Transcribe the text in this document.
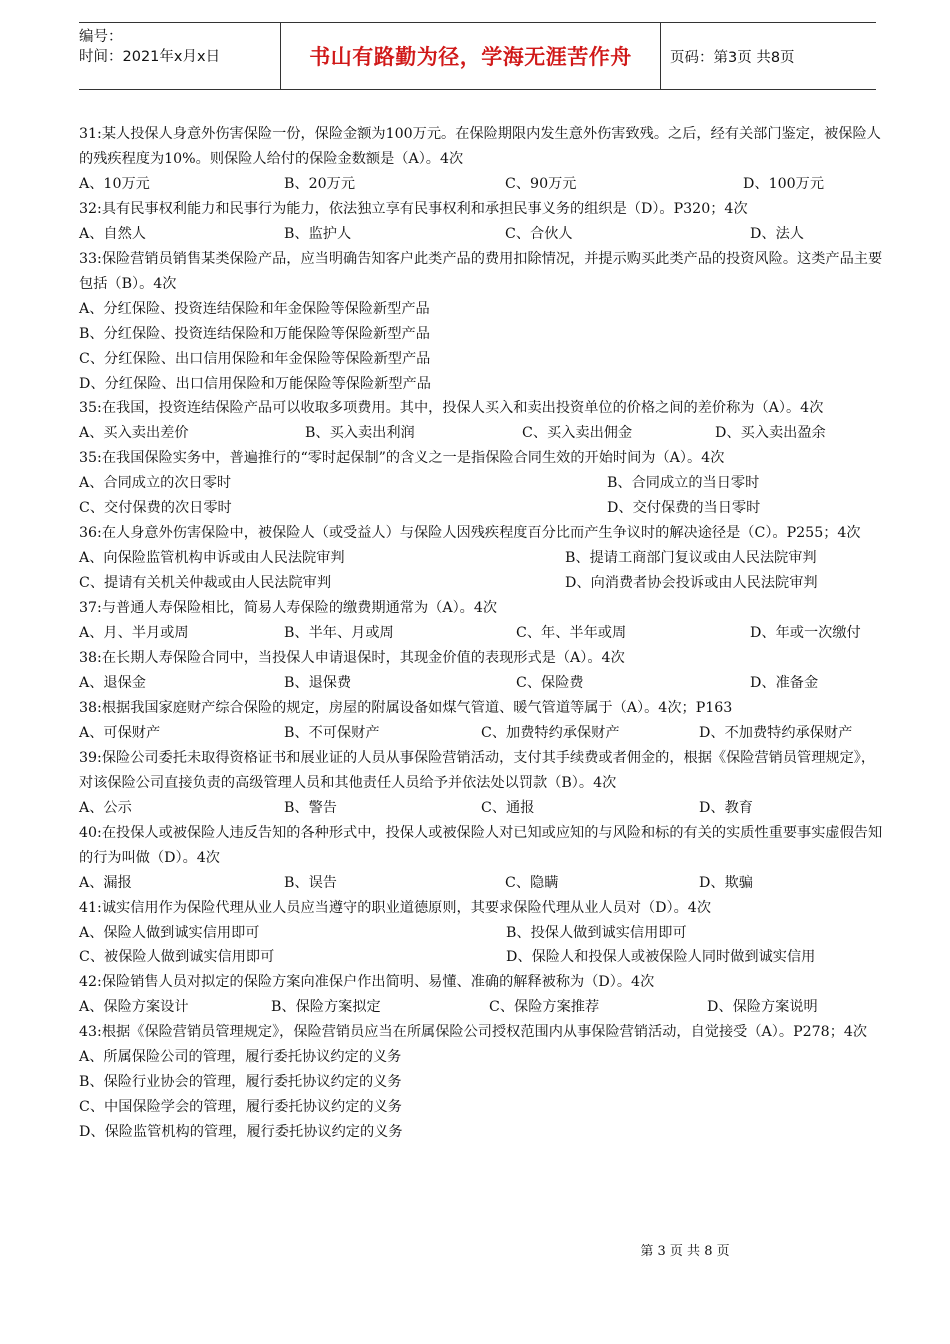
编号：
时间：2021年x月x日	书山有路勤为径，学海无涯苦作舟	页码：第3页 共8页

31:某人投保人身意外伤害保险一份，保险金额为100万元。在保险期限内发生意外伤害致残。之后，经有关部门鉴定，被保险人的残疾程度为10%。则保险人给付的保险金数额是（A）。4次

A、10万元	B、20万元	C、90万元	D、100万元

32:具有民事权利能力和民事行为能力，依法独立享有民事权利和承担民事义务的组织是（D）。P320；4次

A、自然人	B、监护人	C、合伙人	D、法人

33:保险营销员销售某类保险产品，应当明确告知客户此类产品的费用扣除情况，并提示购买此类产品的投资风险。这类产品主要包括（B）。4次

A、分红保险、投资连结保险和年金保险等保险新型产品

B、分红保险、投资连结保险和万能保险等保险新型产品

C、分红保险、出口信用保险和年金保险等保险新型产品

D、分红保险、出口信用保险和万能保险等保险新型产品

35:在我国，投资连结保险产品可以收取多项费用。其中，投保人买入和卖出投资单位的价格之间的差价称为（A）。4次

A、买入卖出差价	B、买入卖出利润	C、买入卖出佣金	D、买入卖出盈余

35:在我国保险实务中，普遍推行的“零时起保制”的含义之一是指保险合同生效的开始时间为（A）。4次

A、合同成立的次日零时	B、合同成立的当日零时
C、交付保费的次日零时	D、交付保费的当日零时

36:在人身意外伤害保险中，被保险人（或受益人）与保险人因残疾程度百分比而产生争议时的解决途径是（C）。P255；4次

A、向保险监管机构申诉或由人民法院审判	B、提请工商部门复议或由人民法院审判
C、提请有关机关仲裁或由人民法院审判	D、向消费者协会投诉或由人民法院审判

37:与普通人寿保险相比，简易人寿保险的缴费期通常为（A）。4次

A、月、半月或周	B、半年、月或周	C、年、半年或周	D、年或一次缴付

38:在长期人寿保险合同中，当投保人申请退保时，其现金价值的表现形式是（A）。4次

A、退保金	B、退保费	C、保险费	D、准备金

38:根据我国家庭财产综合保险的规定，房屋的附属设备如煤气管道、暖气管道等属于（A）。4次；P163

A、可保财产	B、不可保财产	C、加费特约承保财产	D、不加费特约承保财产

39:保险公司委托未取得资格证书和展业证的人员从事保险营销活动，支付其手续费或者佣金的，根据《保险营销员管理规定》，对该保险公司直接负责的高级管理人员和其他责任人员给予并依法处以罚款（B）。4次

A、公示	B、警告	C、通报	D、教育

40:在投保人或被保险人违反告知的各种形式中，投保人或被保险人对已知或应知的与风险和标的有关的实质性重要事实虚假告知的行为叫做（D）。4次

A、漏报	B、误告	C、隐瞒	D、欺骗

41:诚实信用作为保险代理从业人员应当遵守的职业道德原则，其要求保险代理从业人员对（D）。4次

A、保险人做到诚实信用即可	B、投保人做到诚实信用即可
C、被保险人做到诚实信用即可	D、保险人和投保人或被保险人同时做到诚实信用

42:保险销售人员对拟定的保险方案向准保户作出简明、易懂、准确的解释被称为（D）。4次

A、保险方案设计	B、保险方案拟定	C、保险方案推荐	D、保险方案说明

43:根据《保险营销员管理规定》，保险营销员应当在所属保险公司授权范围内从事保险营销活动，自觉接受（A）。P278；4次

A、所属保险公司的管理，履行委托协议约定的义务

B、保险行业协会的管理，履行委托协议约定的义务

C、中国保险学会的管理，履行委托协议约定的义务

D、保险监管机构的管理，履行委托协议约定的义务

第 3 页 共 8 页
